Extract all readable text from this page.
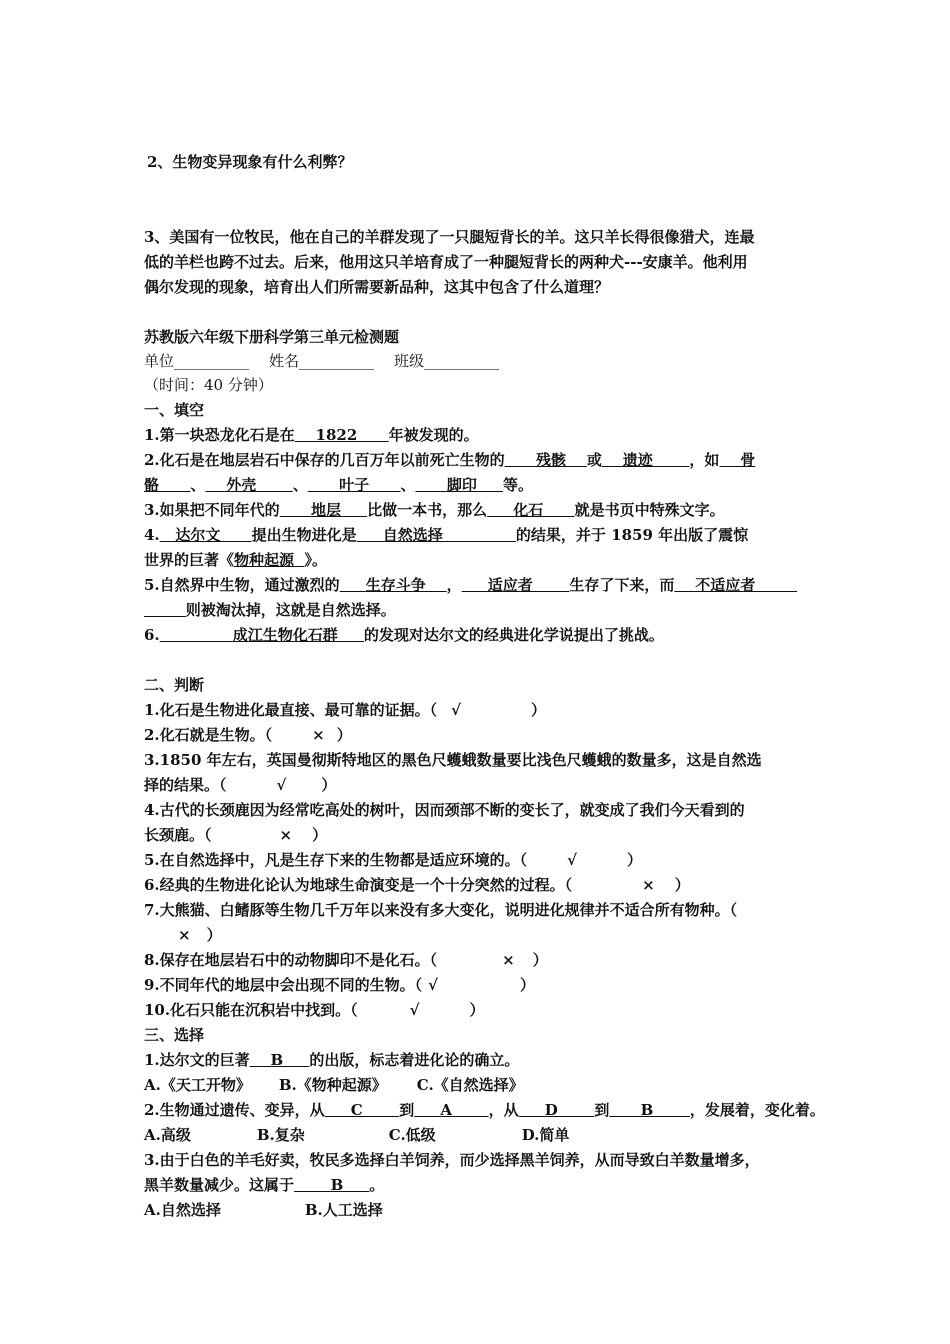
2、生物变异现象有什么利弊？
3、美国有一位牧民，他在自己的羊群发现了一只腿短背长的羊。这只羊长得很像猎犬，连最
低的羊栏也跨不过去。后来，他用这只羊培育成了一种腿短背长的两种犬---安康羊。他利用
偶尔发现的现象，培育出人们所需要新品种，这其中包含了什么道理？
苏教版六年级下册科学第三单元检测题
单位__________ 姓名__________ 班级__________
（时间：40 分钟）
一、填空
1.第一块恐龙化石是在    1822      年被发现的。
2.化石是在地层岩石中保存的几百万年以前死亡生物的      残骸    或    遗迹       ，如    骨
骼      、    外壳       、      叶子      、      脚印     等。
3.如果把不同年代的      地层     比做一本书，那么     化石      就是书页中特殊文字。
4.   达尔文      提出生物进化是     自然选择              的结果，并于 1859 年出版了震惊
世界的巨著《物种起源  》。
5.自然界中生物，通过激烈的     生存斗争    ，     适应者       生存了下来，而    不适应者
则被淘汰掉，这就是自然选择。
6.              成江生物化石群     的发现对达尔文的经典进化学说提出了挑战。
二、判断
1.化石是生物进化最直接、最可靠的证据。（ √	）
2.化石就是生物。（	× ）
3.1850 年左右，英国曼彻斯特地区的黑色尺蠖蛾数量要比浅色尺蠖蛾的数量多，这是自然选
择的结果。（	√ ）
4.古代的长颈鹿因为经常吃高处的树叶，因而颈部不断的变长了，就变成了我们今天看到的
长颈鹿。（	× ）
5.在自然选择中，凡是生存下来的生物都是适应环境的。（	√	）
6.经典的生物进化论认为地球生命演变是一个十分突然的过程。（	× ）
7.大熊猫、白鳍豚等生物几千万年以来没有多大变化，说明进化规律并不适合所有物种。（
× ）
8.保存在地层岩石中的动物脚印不是化石。（	× ）
9.不同年代的地层中会出现不同的生物。（ √	）
10.化石只能在沉积岩中找到。（	√	）
三、选择
1.达尔文的巨著    B     的出版，标志着进化论的确立。
A.《天工开物》 B.《物种起源》 C.《自然选择》
2.生物通过遗传、变异，从     C       到     A       ，从     D       到      B       ，发展着，变化着。
A.高级	B.复杂	C.低级	D.简单
3.由于白色的羊毛好卖，牧民多选择白羊饲养，而少选择黑羊饲养，从而导致白羊数量增多，
黑羊数量减少。这属于       B     。
A.自然选择	B.人工选择
